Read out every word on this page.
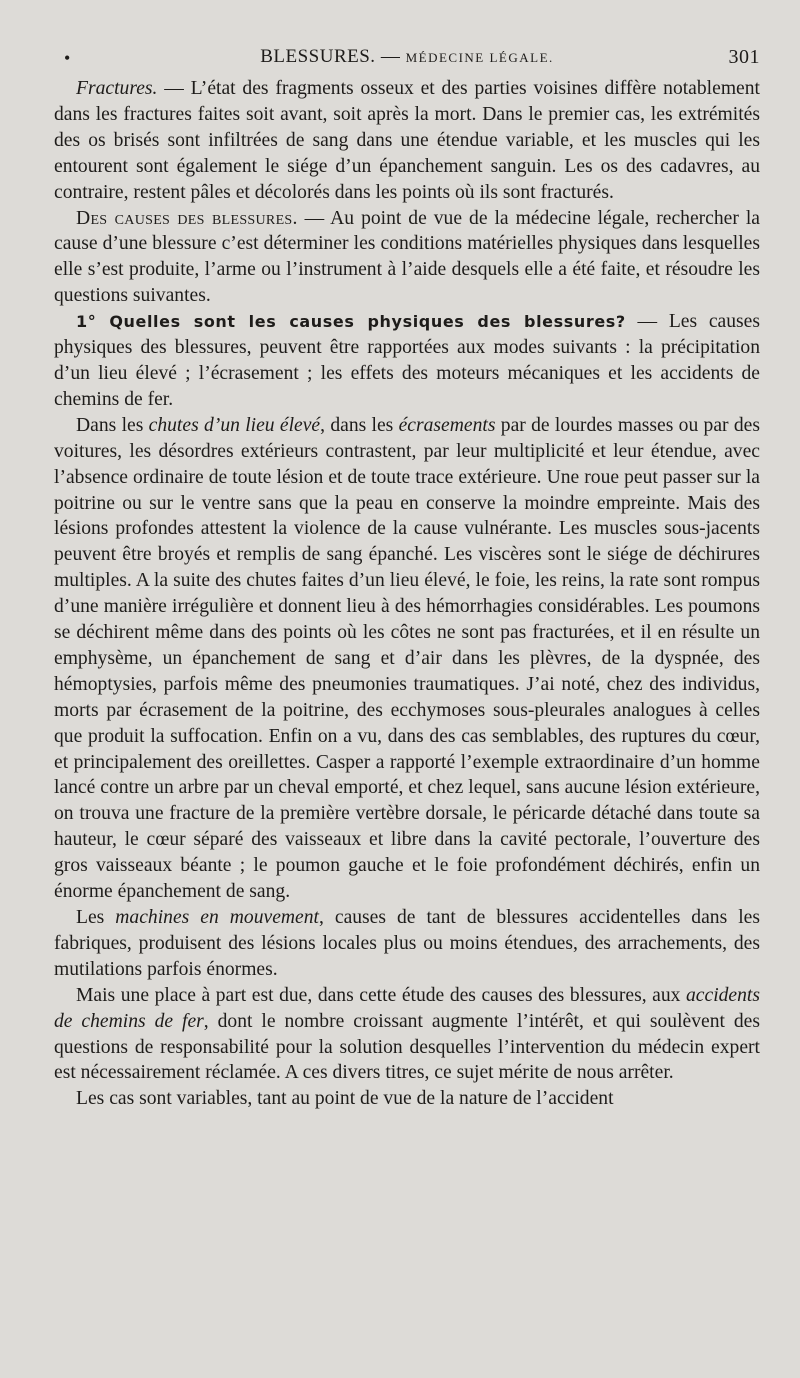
•	BLESSURES. — MÉDECINE LÉGALE.	301

Fractures. — L’état des fragments osseux et des parties voisines diffère notablement dans les fractures faites soit avant, soit après la mort. Dans le premier cas, les extrémités des os brisés sont infiltrées de sang dans une étendue variable, et les muscles qui les entourent sont également le siége d’un épanchement sanguin. Les os des cadavres, au contraire, restent pâles et décolorés dans les points où ils sont fracturés.

Des causes des blessures. — Au point de vue de la médecine légale, rechercher la cause d’une blessure c’est déterminer les conditions matérielles physiques dans lesquelles elle s’est produite, l’arme ou l’instrument à l’aide desquels elle a été faite, et résoudre les questions suivantes.

1° Quelles sont les causes physiques des blessures? — Les causes physiques des blessures, peuvent être rapportées aux modes suivants : la précipitation d’un lieu élevé ; l’écrasement ; les effets des moteurs mécaniques et les accidents de chemins de fer.

Dans les chutes d’un lieu élevé, dans les écrasements par de lourdes masses ou par des voitures, les désordres extérieurs contrastent, par leur multiplicité et leur étendue, avec l’absence ordinaire de toute lésion et de toute trace extérieure. Une roue peut passer sur la poitrine ou sur le ventre sans que la peau en conserve la moindre empreinte. Mais des lésions profondes attestent la violence de la cause vulnérante. Les muscles sous-jacents peuvent être broyés et remplis de sang épanché. Les viscères sont le siége de déchirures multiples. A la suite des chutes faites d’un lieu élevé, le foie, les reins, la rate sont rompus d’une manière irrégulière et donnent lieu à des hémorrhagies considérables. Les poumons se déchirent même dans des points où les côtes ne sont pas fracturées, et il en résulte un emphysème, un épanchement de sang et d’air dans les plèvres, de la dyspnée, des hémoptysies, parfois même des pneumonies traumatiques. J’ai noté, chez des individus, morts par écrasement de la poitrine, des ecchymoses sous-pleurales analogues à celles que produit la suffocation. Enfin on a vu, dans des cas semblables, des ruptures du cœur, et principalement des oreillettes. Casper a rapporté l’exemple extraordinaire d’un homme lancé contre un arbre par un cheval emporté, et chez lequel, sans aucune lésion extérieure, on trouva une fracture de la première vertèbre dorsale, le péricarde détaché dans toute sa hauteur, le cœur séparé des vaisseaux et libre dans la cavité pectorale, l’ouverture des gros vaisseaux béante ; le poumon gauche et le foie profondément déchirés, enfin un énorme épanchement de sang.

Les machines en mouvement, causes de tant de blessures accidentelles dans les fabriques, produisent des lésions locales plus ou moins étendues, des arrachements, des mutilations parfois énormes.

Mais une place à part est due, dans cette étude des causes des blessures, aux accidents de chemins de fer, dont le nombre croissant augmente l’intérêt, et qui soulèvent des questions de responsabilité pour la solution desquelles l’intervention du médecin expert est nécessairement réclamée. A ces divers titres, ce sujet mérite de nous arrêter.

Les cas sont variables, tant au point de vue de la nature de l’accident
